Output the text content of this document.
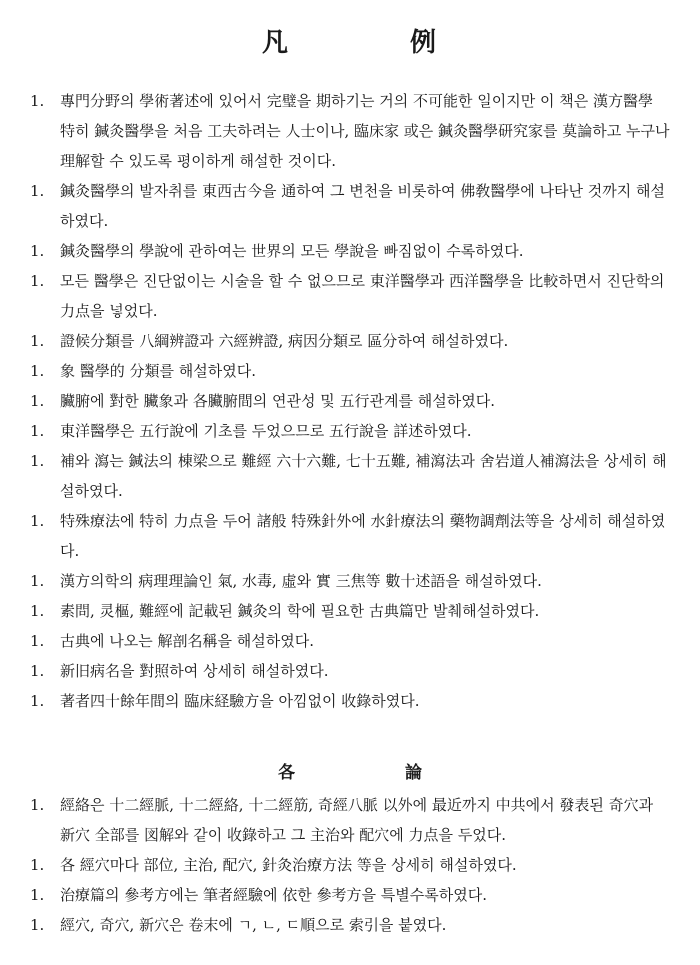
凡	例
1. 專門分野의 學術著述에 있어서 完璧을 期하기는 거의 不可能한 일이지만 이 책은 漢方醫學 特히 鍼灸醫學을 처음 工夫하려는 人士이나, 臨床家 或은 鍼灸醫學研究家를 莫論하고 누구나 理解할 수 있도록 평이하게 해설한 것이다.
1. 鍼灸醫學의 발자취를 東西古今을 通하여 그 변천을 비롯하여 佛敎醫學에 나타난 것까지 해설하였다.
1. 鍼灸醫學의 學說에 관하여는 世界의 모든 學說을 빠짐없이 수록하였다.
1. 모든 醫學은 진단없이는 시술을 할 수 없으므로 東洋醫學과 西洋醫學을 比較하면서 진단학의 力点을 넣었다.
1. 證候分類를 八綱辨證과 六經辨證, 病因分類로 區分하여 해설하였다.
1. 象 醫學的 分類를 해설하였다.
1. 臟腑에 對한 臟象과 各臟腑間의 연관성 및 五行관계를 해설하였다.
1. 東洋醫學은 五行說에 기초를 두었으므로 五行說을 詳述하였다.
1. 補와 瀉는 鍼法의 棟梁으로 難經 六十六難, 七十五難, 補瀉法과 舍岩道人補瀉法을 상세히 해설하였다.
1. 特殊療法에 特히 力点을 두어 諸般 特殊針外에 水針療法의 藥物調劑法等을 상세히 해설하였다.
1. 漢方의학의 病理理論인 氣, 水毒, 虛와 實 三焦等 數十述語을 해설하였다.
1. 素問, 灵樞, 難經에 記載된 鍼灸의 학에 필요한 古典篇만 발췌해설하였다.
1. 古典에 나오는 解剖名稱을 해설하였다.
1. 新旧病名을 對照하여 상세히 해설하였다.
1. 著者四十餘年間의 臨床経驗方을 아낌없이 收錄하였다.
各	論
1. 經絡은 十二經脈, 十二經絡, 十二經筋, 奇經八脈 以外에 最近까지 中共에서 發表된 奇穴과 新穴 全部를 図解와 같이 收錄하고 그 主治와 配穴에 力点을 두었다.
1. 各 經穴마다 部位, 主治, 配穴, 針灸治療方法 等을 상세히 해설하였다.
1. 治療篇의 參考方에는 筆者經驗에 依한 參考方을 특별수록하였다.
1. 經穴, 奇穴, 新穴은 卷末에 ㄱ, ㄴ, ㄷ順으로 索引을 붙였다.
